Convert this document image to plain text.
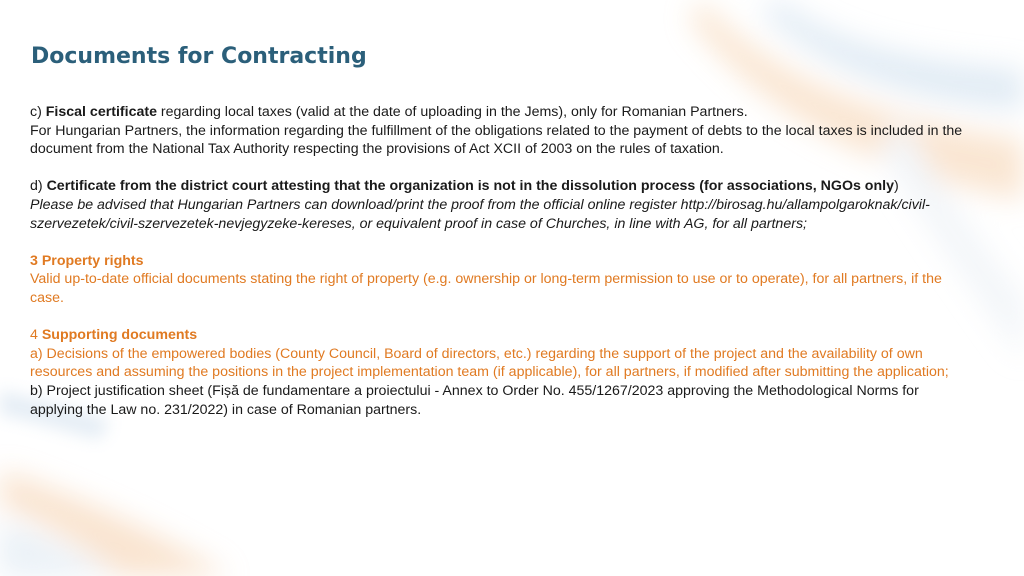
Documents for Contracting

c) Fiscal certificate regarding local taxes (valid at the date of uploading in the Jems), only for Romanian Partners.

For Hungarian Partners, the information regarding the fulfillment of the obligations related to the payment of debts to the local taxes is included in the document from the National Tax Authority respecting the provisions of Act XCII of 2003 on the rules of taxation.

d) Certificate from the district court attesting that the organization is not in the dissolution process (for associations, NGOs only)

Please be advised that Hungarian Partners can download/print the proof from the official online register http://birosag.hu/allampolgaroknak/civil-szervezetek/civil-szervezetek-nevjegyzeke-kereses, or equivalent proof in case of Churches, in line with AG, for all partners;

3 Property rights

Valid up-to-date official documents stating the right of property (e.g. ownership or long-term permission to use or to operate), for all partners, if the case.

4 Supporting documents

a) Decisions of the empowered bodies (County Council, Board of directors, etc.) regarding the support of the project and the availability of own resources and assuming the positions in the project implementation team (if applicable), for all partners, if modified after submitting the application;

b) Project justification sheet (Fișă de fundamentare a proiectului - Annex to Order No. 455/1267/2023 approving the Methodological Norms for applying the Law no. 231/2022) in case of Romanian partners.
